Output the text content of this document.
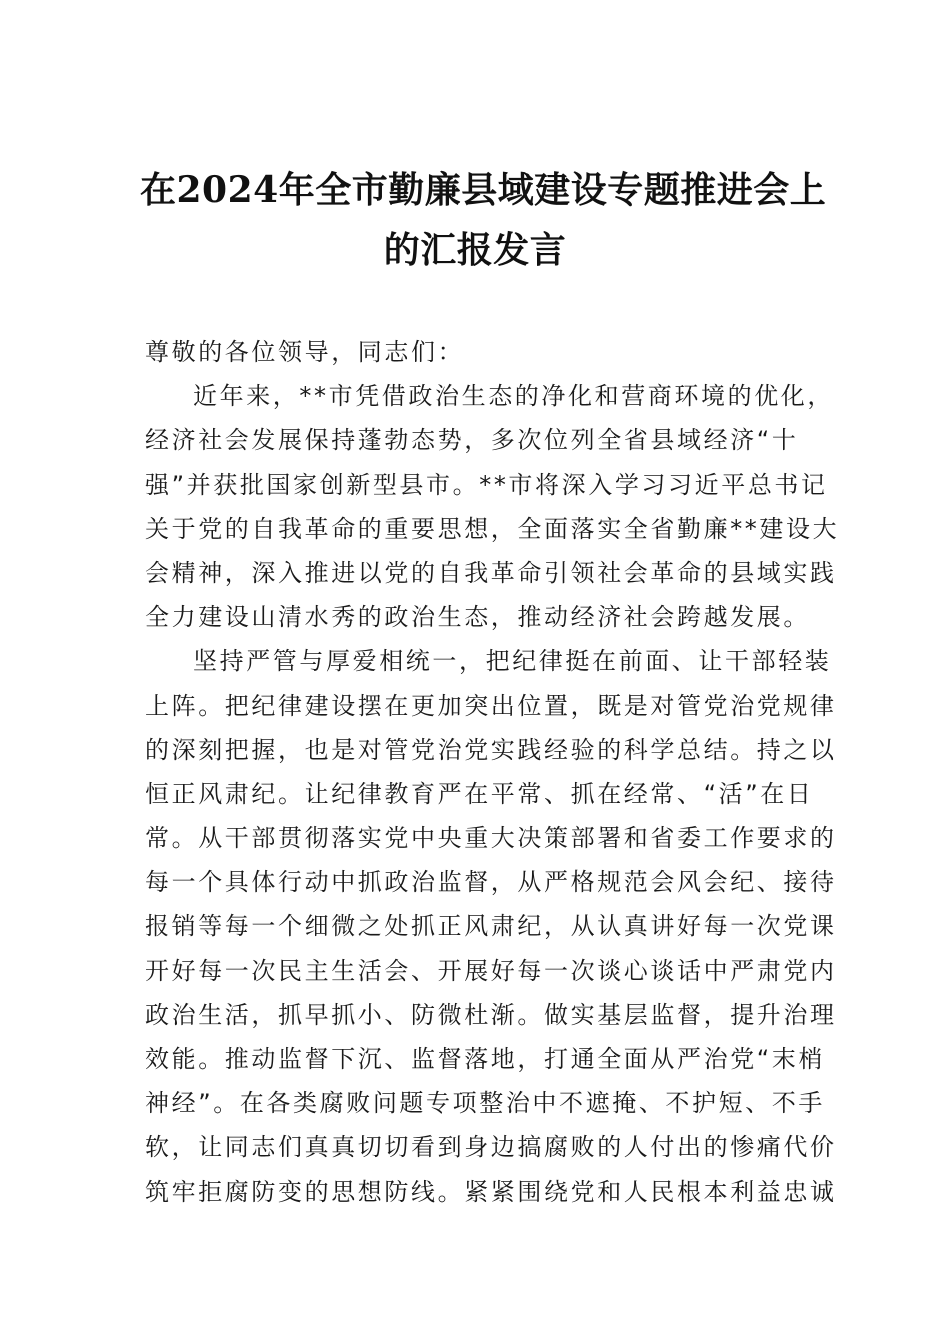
在2024年全市勤廉县域建设专题推进会上
的汇报发言
尊敬的各位领导，同志们：
近年来，**市凭借政治生态的净化和营商环境的优化，
经济社会发展保持蓬勃态势，多次位列全省县域经济“十
强”并获批国家创新型县市。**市将深入学习习近平总书记
关于党的自我革命的重要思想，全面落实全省勤廉**建设大
会精神，深入推进以党的自我革命引领社会革命的县域实践
全力建设山清水秀的政治生态，推动经济社会跨越发展。
坚持严管与厚爱相统一，把纪律挺在前面、让干部轻装
上阵。把纪律建设摆在更加突出位置，既是对管党治党规律
的深刻把握，也是对管党治党实践经验的科学总结。持之以
恒正风肃纪。让纪律教育严在平常、抓在经常、“活”在日
常。从干部贯彻落实党中央重大决策部署和省委工作要求的
每一个具体行动中抓政治监督，从严格规范会风会纪、接待
报销等每一个细微之处抓正风肃纪，从认真讲好每一次党课
开好每一次民主生活会、开展好每一次谈心谈话中严肃党内
政治生活，抓早抓小、防微杜渐。做实基层监督，提升治理
效能。推动监督下沉、监督落地，打通全面从严治党“末梢
神经”。在各类腐败问题专项整治中不遮掩、不护短、不手
软，让同志们真真切切看到身边搞腐败的人付出的惨痛代价
筑牢拒腐防变的思想防线。紧紧围绕党和人民根本利益忠诚
